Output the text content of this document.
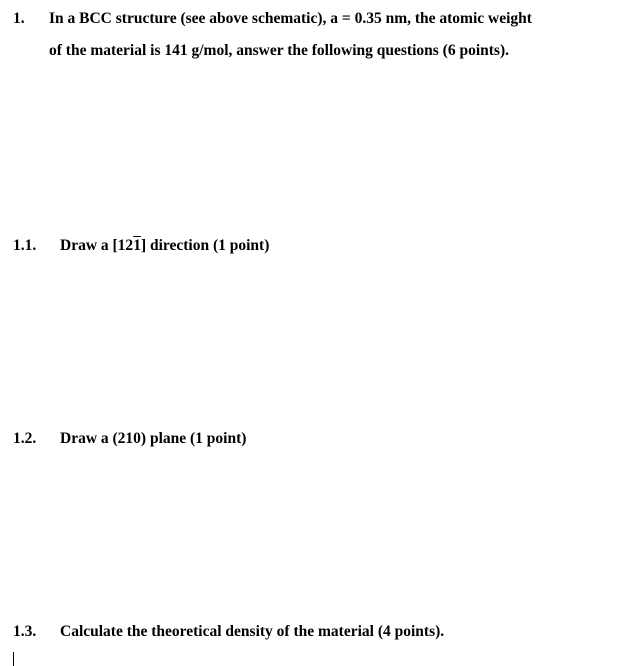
1. In a BCC structure (see above schematic), a = 0.35 nm, the atomic weight
of the material is 141 g/mol, answer the following questions (6 points).
1.1. Draw a [121] direction (1 point)
1.2. Draw a (210) plane (1 point)
1.3. Calculate the theoretical density of the material (4 points).
